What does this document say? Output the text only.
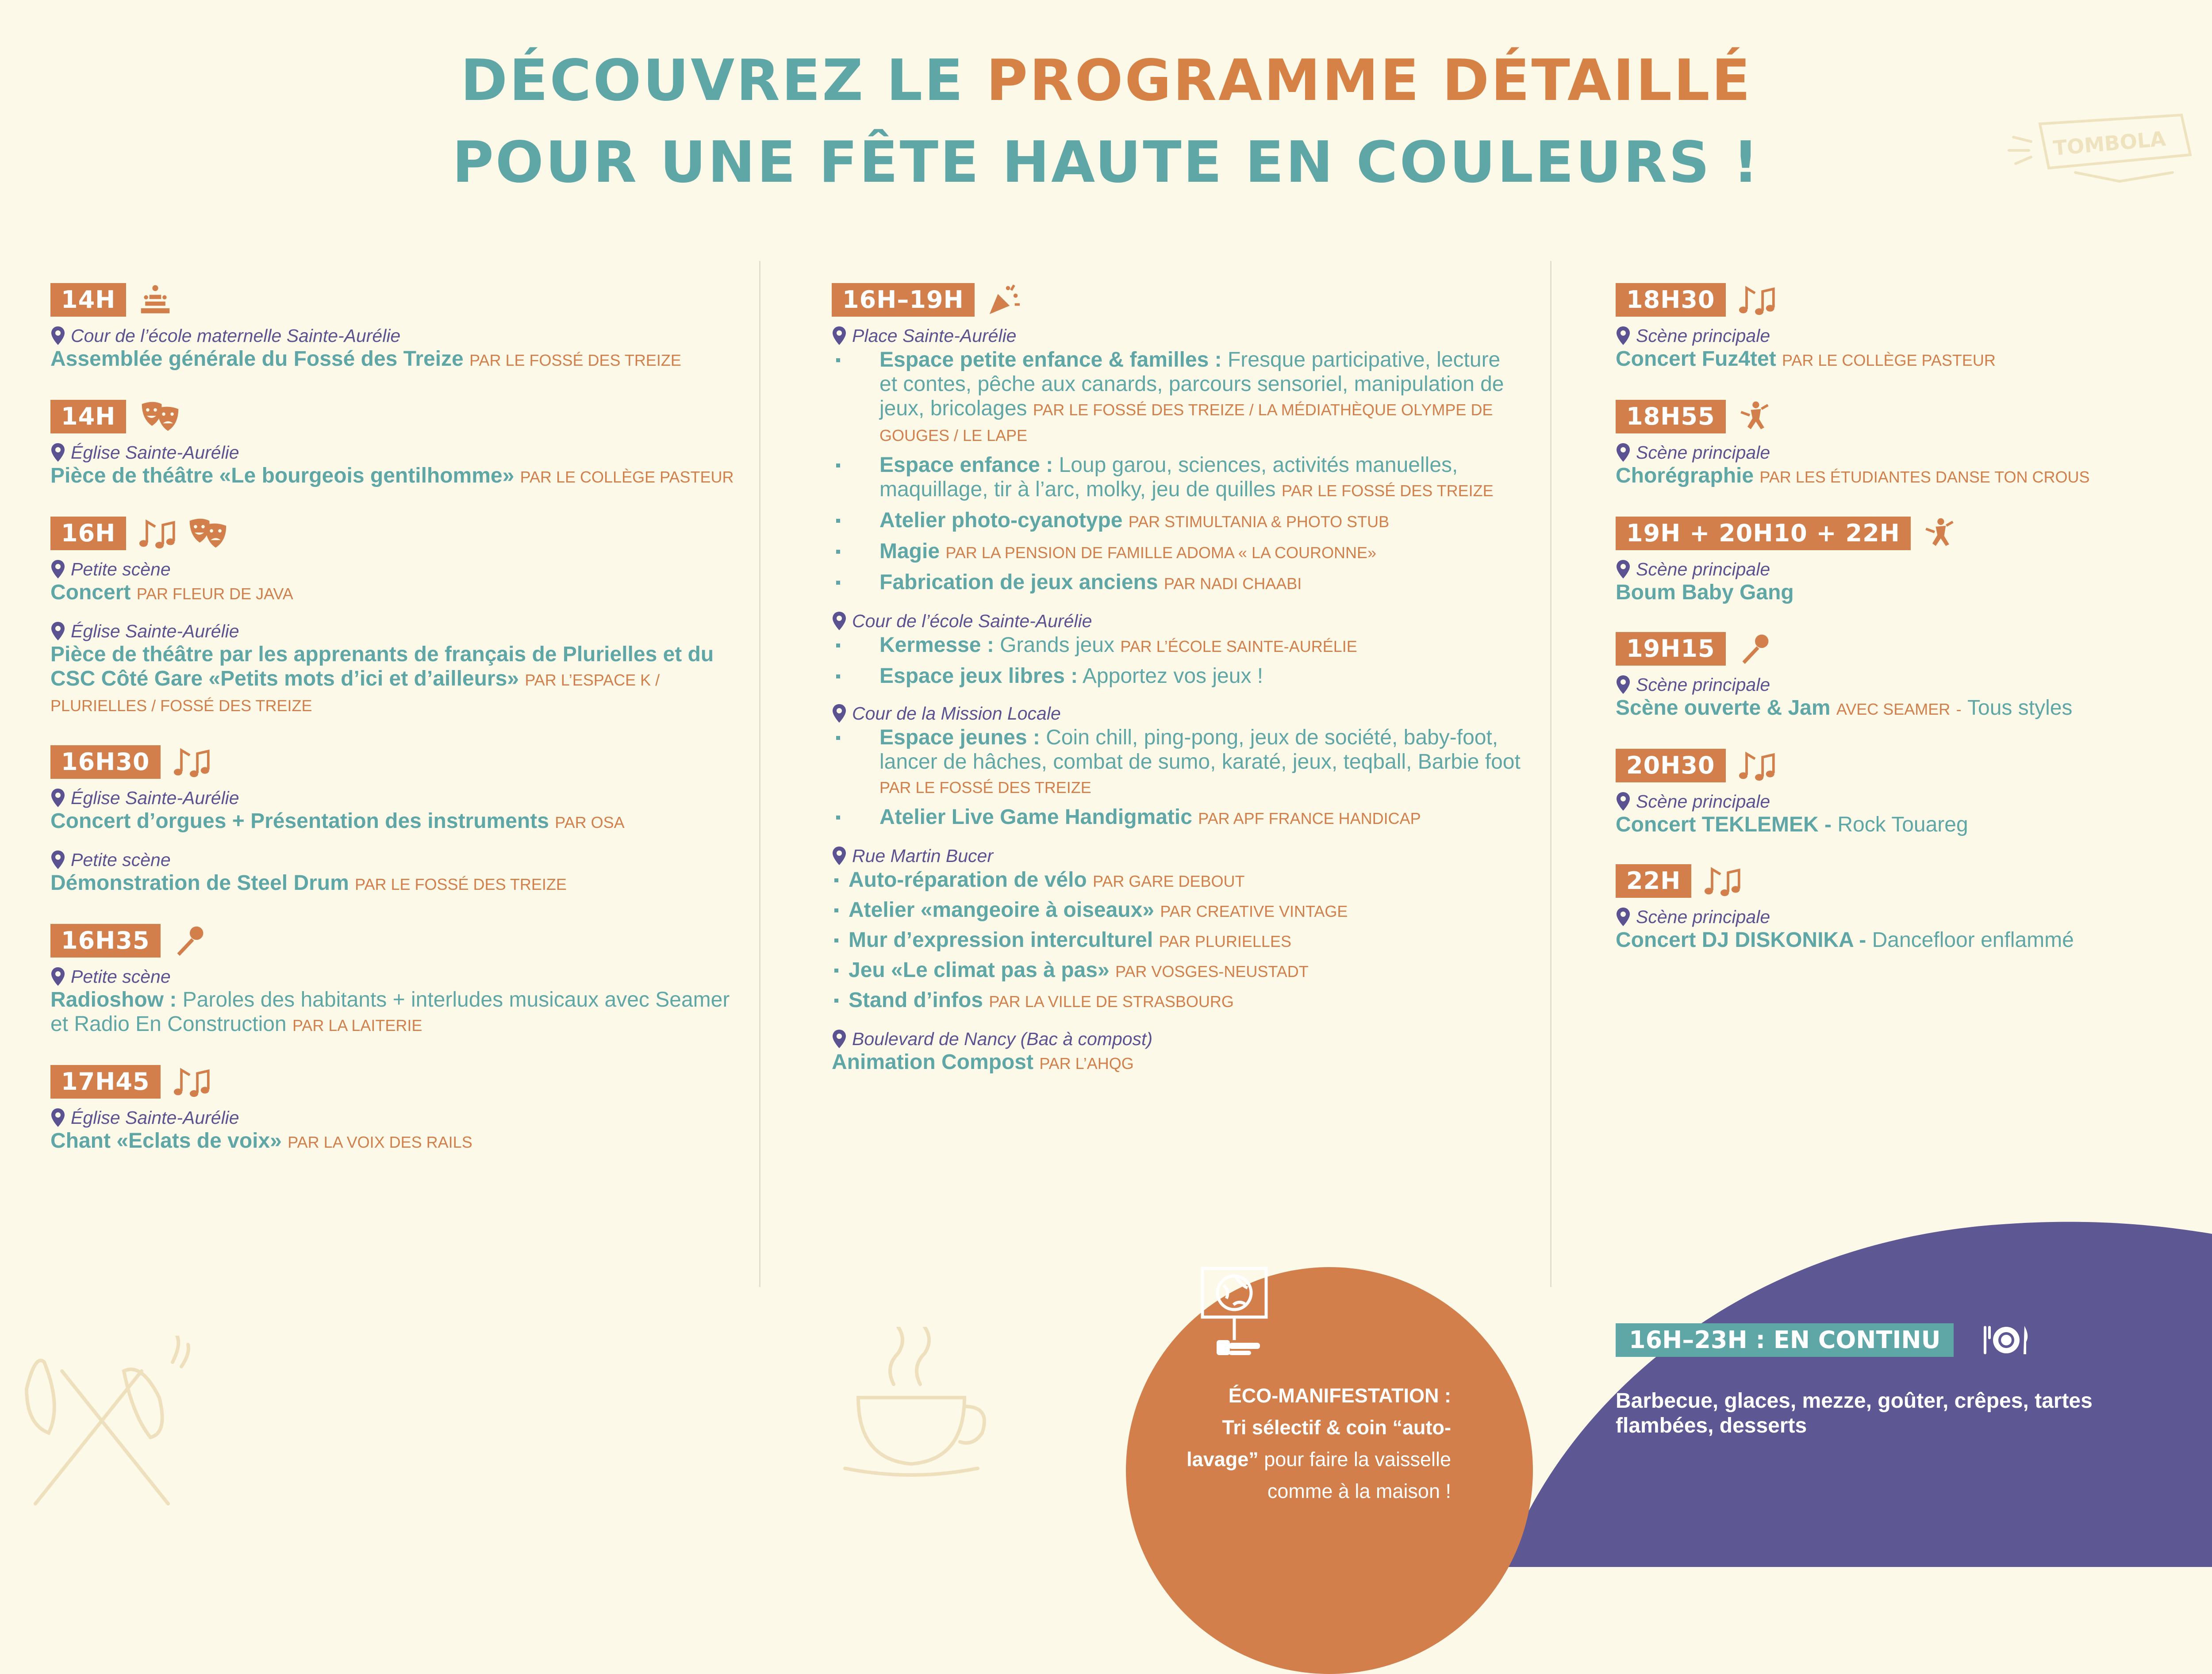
DÉCOUVREZ LE PROGRAMME DÉTAILLÉ
POUR UNE FÊTE HAUTE EN COULEURS !	TOMBOLA
14H
Cour de l’école maternelle Sainte-Aurélie
Assemblée générale du Fossé des Treize PAR LE FOSSÉ DES TREIZE
14H
Église Sainte-Aurélie
Pièce de théâtre «Le bourgeois gentilhomme» PAR LE COLLÈGE PASTEUR
16H
Petite scène
Concert PAR FLEUR DE JAVA
Église Sainte-Aurélie
Pièce de théâtre par les apprenants de français de Plurielles et du CSC Côté Gare «Petits mots d’ici et d’ailleurs» PAR L’ESPACE K / PLURIELLES / FOSSÉ DES TREIZE
16H30
Église Sainte-Aurélie
Concert d’orgues + Présentation des instruments PAR OSA
Petite scène
Démonstration de Steel Drum PAR LE FOSSÉ DES TREIZE
16H35
Petite scène
Radioshow : Paroles des habitants + interludes musicaux avec Seamer et Radio En Construction PAR LA LAITERIE
17H45
Église Sainte-Aurélie
Chant «Eclats de voix» PAR LA VOIX DES RAILS
16H–19H
Place Sainte-Aurélie
Espace petite enfance & familles : Fresque participative, lecture et contes, pêche aux canards, parcours sensoriel, manipulation de jeux, bricolages PAR LE FOSSÉ DES TREIZE / LA MÉDIATHÈQUE OLYMPE DE GOUGES / LE LAPE
Espace enfance : Loup garou, sciences, activités manuelles, maquillage, tir à l’arc, molky, jeu de quilles PAR LE FOSSÉ DES TREIZE
Atelier photo-cyanotype PAR STIMULTANIA & PHOTO STUB
Magie PAR LA PENSION DE FAMILLE ADOMA « LA COURONNE»
Fabrication de jeux anciens PAR NADI CHAABI
Cour de l’école Sainte-Aurélie
Kermesse : Grands jeux PAR L’ÉCOLE SAINTE-AURÉLIE
Espace jeux libres : Apportez vos jeux !
Cour de la Mission Locale
Espace jeunes : Coin chill, ping-pong, jeux de société, baby-foot, lancer de hâches, combat de sumo, karaté, jeux, teqball, Barbie foot PAR LE FOSSÉ DES TREIZE
Atelier Live Game Handigmatic PAR APF FRANCE HANDICAP
Rue Martin Bucer
Auto-réparation de vélo PAR GARE DEBOUT
Atelier «mangeoire à oiseaux» PAR CREATIVE VINTAGE
Mur d’expression interculturel PAR PLURIELLES
Jeu «Le climat pas à pas» PAR VOSGES-NEUSTADT
Stand d’infos PAR LA VILLE DE STRASBOURG
Boulevard de Nancy (Bac à compost)
Animation Compost PAR L’AHQG
18H30
Scène principale
Concert Fuz4tet PAR LE COLLÈGE PASTEUR
18H55
Scène principale
Chorégraphie PAR LES ÉTUDIANTES DANSE TON CROUS
19H + 20H10 + 22H
Scène principale
Boum Baby Gang
19H15
Scène principale
Scène ouverte & Jam AVEC SEAMER - Tous styles
20H30
Scène principale
Concert TEKLEMEK - Rock Touareg
22H
Scène principale
Concert DJ DISKONIKA - Dancefloor enflammé
ÉCO-MANIFESTATION :
Tri sélectif & coin “auto-
lavage” pour faire la vaisselle
comme à la maison !
16H–23H : EN CONTINU
Barbecue, glaces, mezze, goûter, crêpes, tartes flambées, desserts
